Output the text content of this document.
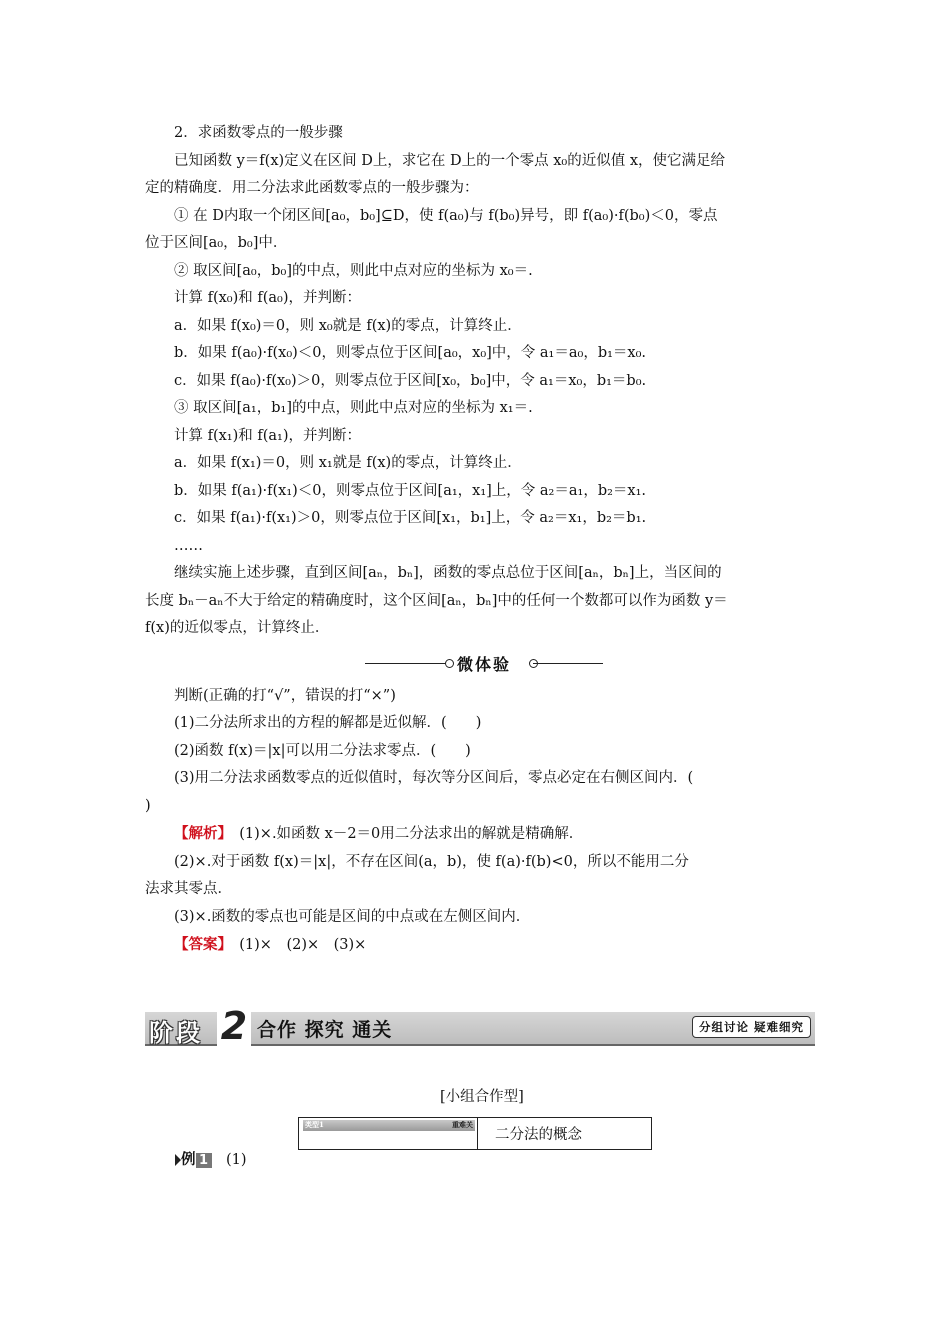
2．求函数零点的一般步骤
已知函数 y＝f(x)定义在区间 D上，求它在 D上的一个零点 x₀的近似值 x，使它满足给
定的精确度．用二分法求此函数零点的一般步骤为：
① 在 D内取一个闭区间[a₀，b₀]⊆D，使 f(a₀)与 f(b₀)异号，即 f(a₀)·f(b₀)＜0，零点
位于区间[a₀，b₀]中．
② 取区间[a₀，b₀]的中点，则此中点对应的坐标为 x₀＝.
计算 f(x₀)和 f(a₀)，并判断：
a．如果 f(x₀)＝0，则 x₀就是 f(x)的零点，计算终止．
b．如果 f(a₀)·f(x₀)＜0，则零点位于区间[a₀，x₀]中，令 a₁＝a₀，b₁＝x₀.
c．如果 f(a₀)·f(x₀)＞0，则零点位于区间[x₀，b₀]中，令 a₁＝x₀，b₁＝b₀.
③ 取区间[a₁，b₁]的中点，则此中点对应的坐标为 x₁＝.
计算 f(x₁)和 f(a₁)，并判断：
a．如果 f(x₁)＝0，则 x₁就是 f(x)的零点，计算终止．
b．如果 f(a₁)·f(x₁)＜0，则零点位于区间[a₁，x₁]上，令 a₂＝a₁，b₂＝x₁.
c．如果 f(a₁)·f(x₁)＞0，则零点位于区间[x₁，b₁]上，令 a₂＝x₁，b₂＝b₁.
……
继续实施上述步骤，直到区间[aₙ，bₙ]，函数的零点总位于区间[aₙ，bₙ]上，当区间的
长度 bₙ－aₙ不大于给定的精确度时，这个区间[aₙ，bₙ]中的任何一个数都可以作为函数 y＝
f(x)的近似零点，计算终止．
微体验
判断(正确的打“√”，错误的打“×”)
(1)二分法所求出的方程的解都是近似解．(　　)
(2)函数 f(x)＝|x|可以用二分法求零点．(　　)
(3)用二分法求函数零点的近似值时，每次等分区间后，零点必定在右侧区间内．(
)
【解析】　 (1)×.如函数 x－2＝0用二分法求出的解就是精确解．
(2)×.对于函数 f(x)＝|x|，不存在区间(a，b)，使 f(a)·f(b)<0，所以不能用二分
法求其零点．
(3)×.函数的零点也可能是区间的中点或在左侧区间内．
【答案】　 (1)×　(2)×　(3)×
阶段 2 合作 探究 通关	分组讨论 疑难细究
[小组合作型]
类型1	重难关
二分法的概念
例 1　 (1)
